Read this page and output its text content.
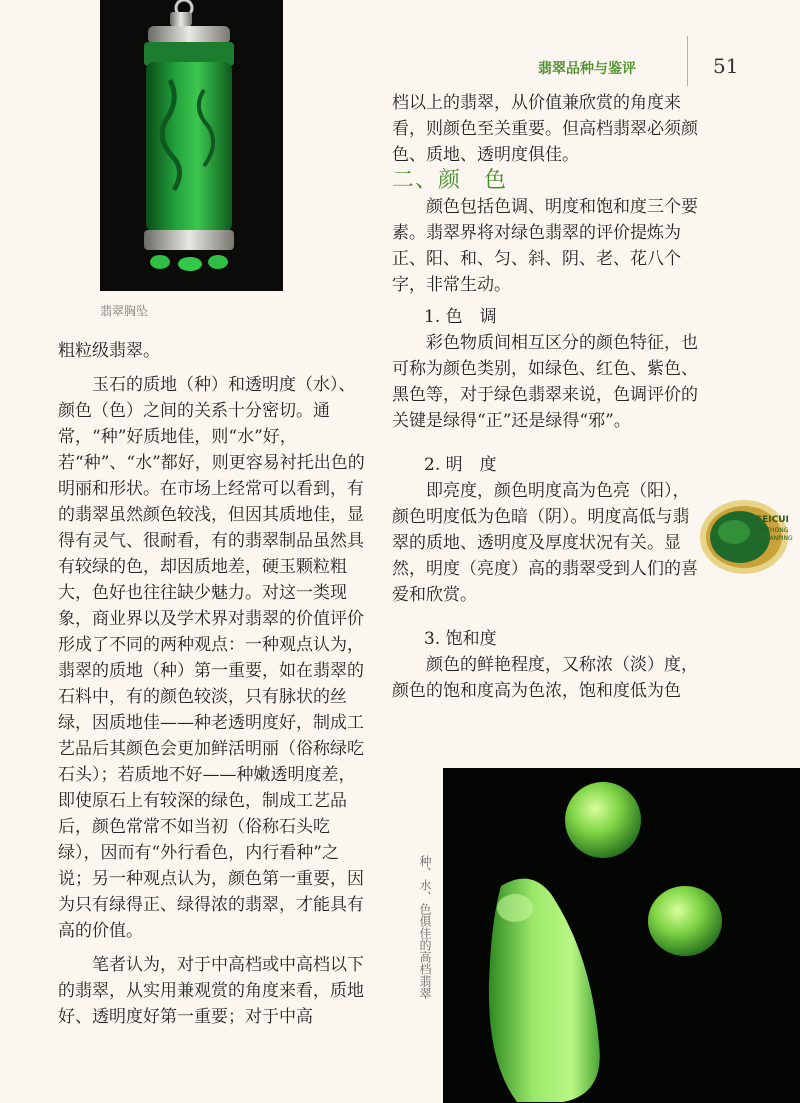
翡翠胸坠
翡翠品种与鉴评	51

档以上的翡翠，从价值兼欣赏的角度来看，则颜色至关重要。但高档翡翠必须颜色、质地、透明度俱佳。

二、颜　色

颜色包括色调、明度和饱和度三个要素。翡翠界将对绿色翡翠的评价提炼为正、阳、和、匀、斜、阴、老、花八个字，非常生动。

1. 色　调

彩色物质间相互区分的颜色特征，也可称为颜色类别，如绿色、红色、紫色、黑色等，对于绿色翡翠来说，色调评价的关键是绿得“正”还是绿得“邪”。

2. 明　度

即亮度，颜色明度高为色亮（阳），颜色明度低为色暗（阴）。明度高低与翡翠的质地、透明度及厚度状况有关。显然，明度（亮度）高的翡翠受到人们的喜爱和欣赏。

3. 饱和度

颜色的鲜艳程度，又称浓（淡）度，颜色的饱和度高为色浓，饱和度低为色

粗粒级翡翠。

玉石的质地（种）和透明度（水）、颜色（色）之间的关系十分密切。通常，“种”好质地佳，则“水”好，若“种”、“水”都好，则更容易衬托出色的明丽和形状。在市场上经常可以看到，有的翡翠虽然颜色较浅，但因其质地佳，显得有灵气、很耐看，有的翡翠制品虽然具有较绿的色，却因质地差，硬玉颗粒粗大，色好也往往缺少魅力。对这一类现象，商业界以及学术界对翡翠的价值评价形成了不同的两种观点：一种观点认为，翡翠的质地（种）第一重要，如在翡翠的石料中，有的颜色较淡，只有脉状的丝绿，因质地佳——种老透明度好，制成工艺品后其颜色会更加鲜活明丽（俗称绿吃石头）；若质地不好——种嫩透明度差，即使原石上有较深的绿色，制成工艺品后，颜色常常不如当初（俗称石头吃绿），因而有“外行看色，内行看种”之说；另一种观点认为，颜色第一重要，因为只有绿得正、绿得浓的翡翠，才能具有高的价值。

笔者认为，对于中高档或中高档以下的翡翠，从实用兼观赏的角度来看，质地好、透明度好第一重要；对于中高

FEICUI
PINZHONG
YU JIANPING
种、水、色俱佳的高档翡翠
